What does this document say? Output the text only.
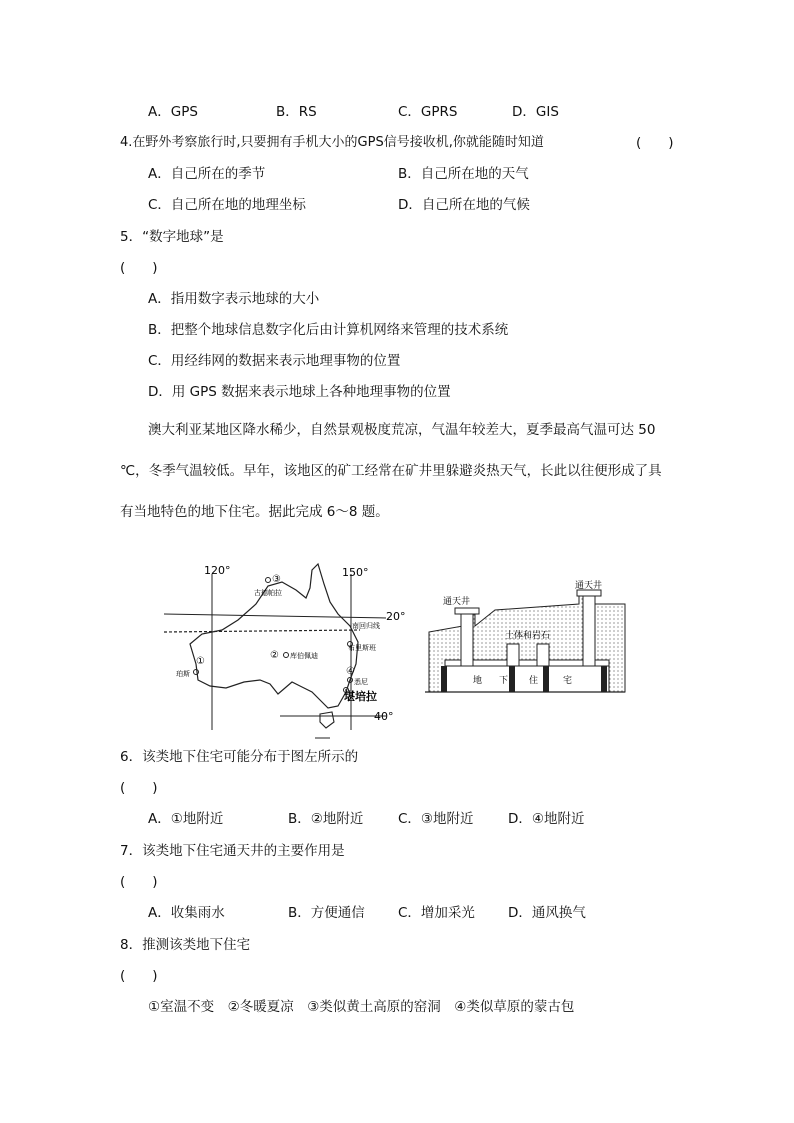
A．GPS	B．RS	C．GPRS	D．GIS
4.在野外考察旅行时,只要拥有手机大小的GPS信号接收机,你就能随时知道	(　　)
A．自己所在的季节	B．自己所在地的天气
C．自己所在地的地理坐标	D．自己所在地的气候
5．“数字地球”是
(　　)
A．指用数字表示地球的大小
B．把整个地球信息数字化后由计算机网络来管理的技术系统
C．用经纬网的数据来表示地理事物的位置
D．用 GPS 数据来表示地球上各种地理事物的位置
澳大利亚某地区降水稀少，自然景观极度荒凉，气温年较差大，夏季最高气温可达 50
℃，冬季气温较低。早年，该地区的矿工经常在矿井里躲避炎热天气，长此以往便形成了具
有当地特色的地下住宅。据此完成 6～8 题。
120°	150°
20°
40°
南回归线
③
古德帕拉
② 库伯佩迪
布里斯班
①
珀斯	④
悉尼
堪培拉
通天井
通天井
土体和岩石
地 下 住	宅
6．该类地下住宅可能分布于图左所示的
(　　)
A．①地附近	B．②地附近	C．③地附近	D．④地附近
7．该类地下住宅通天井的主要作用是
(　　)
A．收集雨水	B．方便通信 C．增加采光 D．通风换气
8．推测该类地下住宅
(　　)
①室温不变　②冬暖夏凉　③类似黄土高原的窑洞　④类似草原的蒙古包
